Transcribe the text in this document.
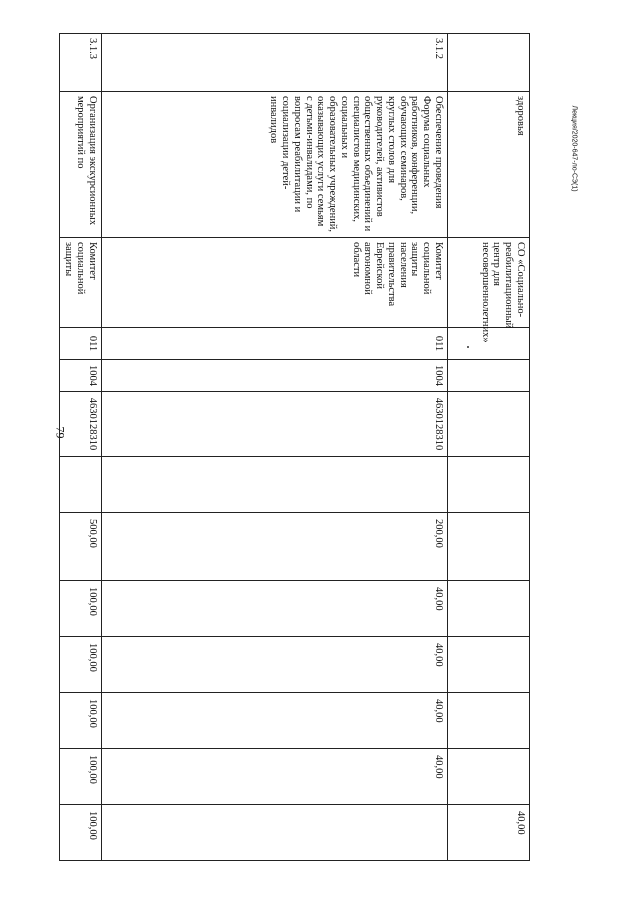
79
Лекция/2020-647-ло-СЭ(1)
	здоровья	СО «Социально-реабилитационный центр для несовершеннолетних»										40,00
3.1.2	Обеспечение проведения Форума социальных работников, конференции, обучающих семинаров, круглых столов для руководителей, активистов общественных объединений и специалистов медицинских, социальных и образовательных учреждений, оказывающих услуги семьям с детьми-инвалидами, по вопросам реабилитации и социализации детей-инвалидов	Комитет социальной защиты населения правительства Еврейской автономной области	011	1004	4630128310		200,00	40,00	40,00	40,00	40,00	
3.1.3	Организация экскурсионных мероприятий по	Комитет социальной защиты	011	1004	4630128310		500,00	100,00	100,00	100,00	100,00	100,00
